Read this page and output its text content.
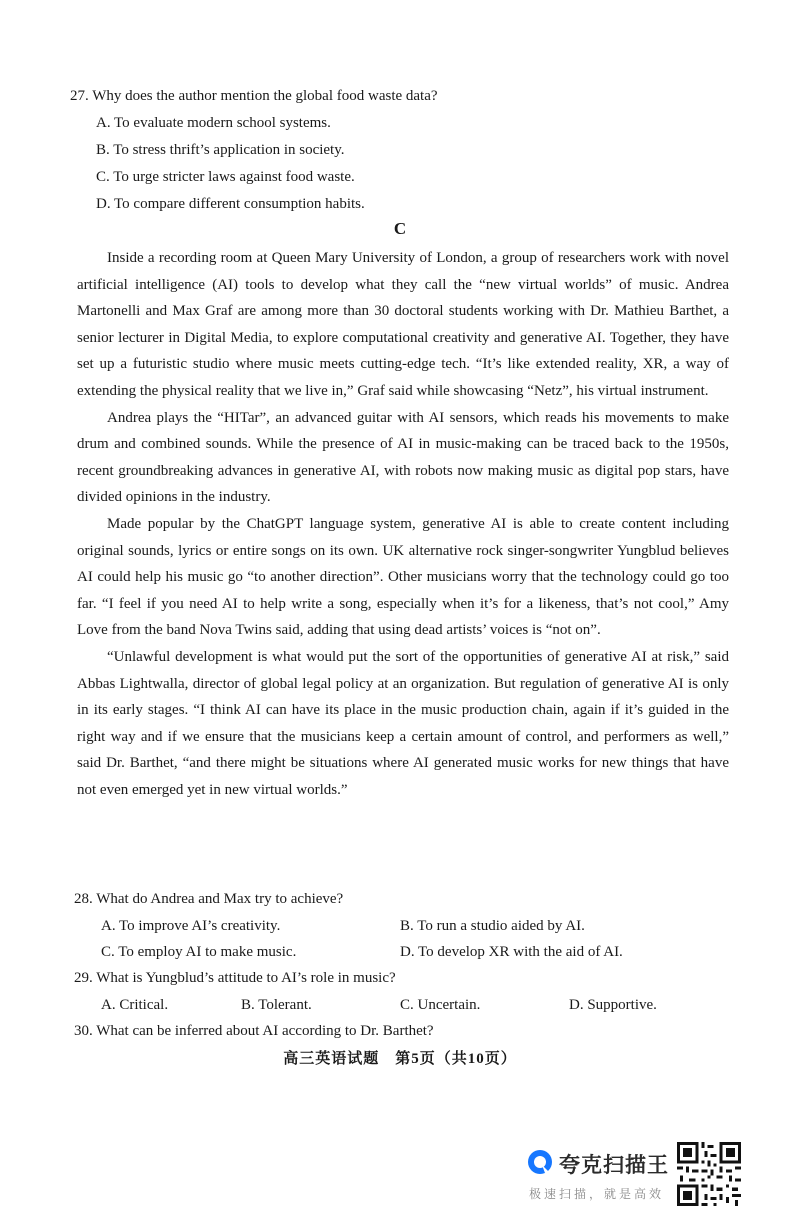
27. Why does the author mention the global food waste data?
A. To evaluate modern school systems.
B. To stress thrift’s application in society.
C. To urge stricter laws against food waste.
D. To compare different consumption habits.
C

Inside a recording room at Queen Mary University of London, a group of researchers work with novel artificial intelligence (AI) tools to develop what they call the “new virtual worlds” of music. Andrea Martonelli and Max Graf are among more than 30 doctoral students working with Dr. Mathieu Barthet, a senior lecturer in Digital Media, to explore computational creativity and generative AI. Together, they have set up a futuristic studio where music meets cutting-edge tech. “It’s like extended reality, XR, a way of extending the physical reality that we live in,” Graf said while showcasing “Netz”, his virtual instrument.

Andrea plays the “HITar”, an advanced guitar with AI sensors, which reads his movements to make drum and combined sounds. While the presence of AI in music-making can be traced back to the 1950s, recent groundbreaking advances in generative AI, with robots now making music as digital pop stars, have divided opinions in the industry.

Made popular by the ChatGPT language system, generative AI is able to create content including original sounds, lyrics or entire songs on its own. UK alternative rock singer-songwriter Yungblud believes AI could help his music go “to another direction”. Other musicians worry that the technology could go too far. “I feel if you need AI to help write a song, especially when it’s for a likeness, that’s not cool,” Amy Love from the band Nova Twins said, adding that using dead artists’ voices is “not on”.

“Unlawful development is what would put the sort of the opportunities of generative AI at risk,” said Abbas Lightwalla, director of global legal policy at an organization. But regulation of generative AI is only in its early stages. “I think AI can have its place in the music production chain, again if it’s guided in the right way and if we ensure that the musicians keep a certain amount of control, and performers as well,” said Dr. Barthet, “and there might be situations where AI generated music works for new things that have not even emerged yet in new virtual worlds.”

28. What do Andrea and Max try to achieve?
A. To improve AI’s creativity.	B. To run a studio aided by AI.
C. To employ AI to make music.	D. To develop XR with the aid of AI.
29. What is Yungblud’s attitude to AI’s role in music?
A. Critical.	B. Tolerant.	C. Uncertain.	D. Supportive.
30. What can be inferred about AI according to Dr. Barthet?
高三英语试题　第5页（共10页）
夸克扫描王
极速扫描，就是高效
